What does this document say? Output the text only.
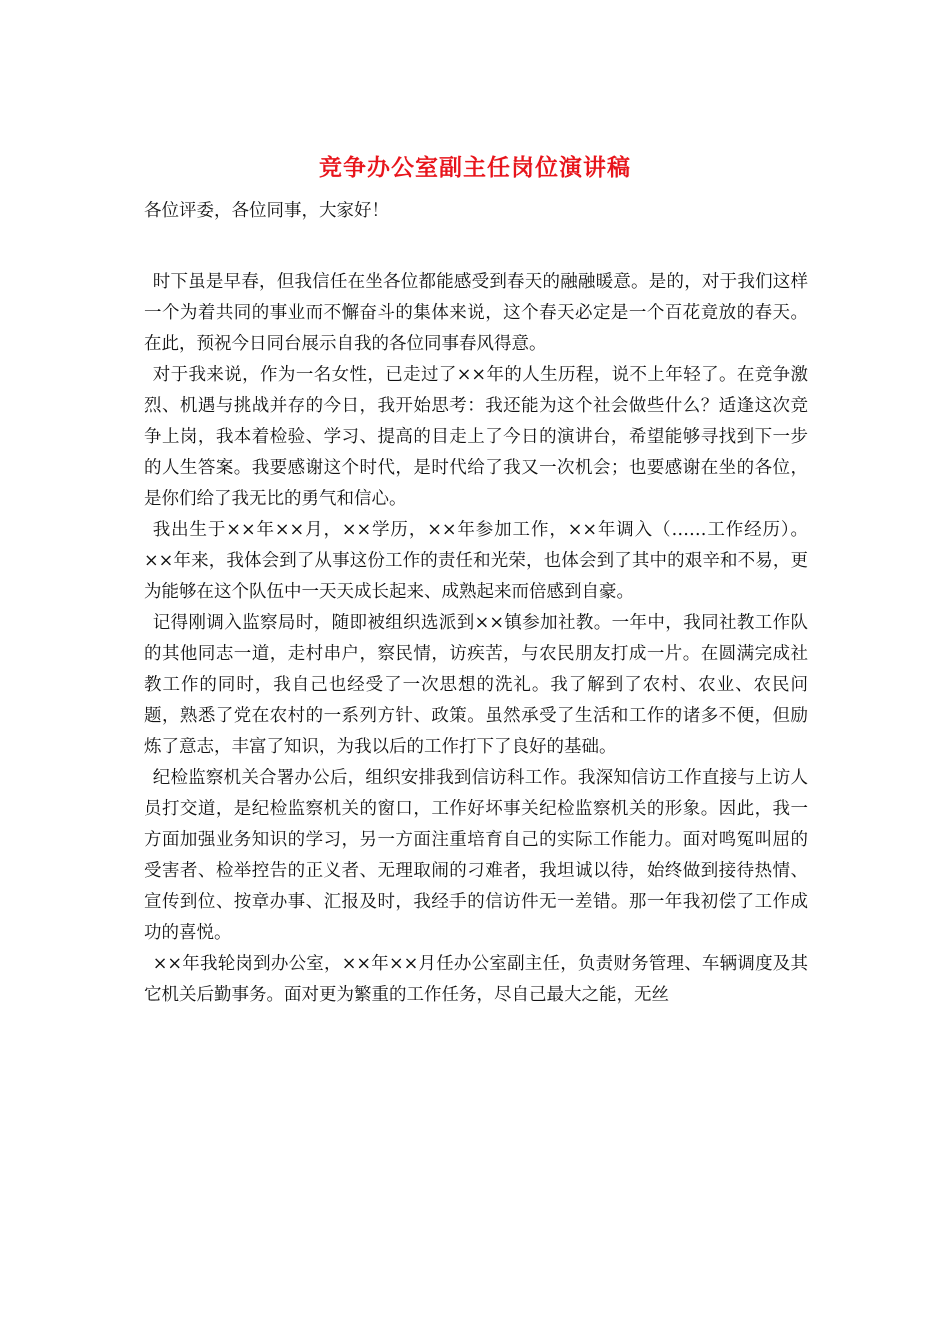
竞争办公室副主任岗位演讲稿

各位评委，各位同事，大家好！

时下虽是早春，但我信任在坐各位都能感受到春天的融融暖意。是的，对于我们这样一个为着共同的事业而不懈奋斗的集体来说，这个春天必定是一个百花竟放的春天。在此，预祝今日同台展示自我的各位同事春风得意。

对于我来说，作为一名女性，已走过了××年的人生历程，说不上年轻了。在竞争激烈、机遇与挑战并存的今日，我开始思考：我还能为这个社会做些什么？适逢这次竞争上岗，我本着检验、学习、提高的目走上了今日的演讲台，希望能够寻找到下一步的人生答案。我要感谢这个时代，是时代给了我又一次机会；也要感谢在坐的各位，是你们给了我无比的勇气和信心。

我出生于××年××月，××学历，××年参加工作，××年调入（……工作经历）。××年来，我体会到了从事这份工作的责任和光荣，也体会到了其中的艰辛和不易，更为能够在这个队伍中一天天成长起来、成熟起来而倍感到自豪。

记得刚调入监察局时，随即被组织选派到××镇参加社教。一年中，我同社教工作队的其他同志一道，走村串户，察民情，访疾苦，与农民朋友打成一片。在圆满完成社教工作的同时，我自己也经受了一次思想的洗礼。我了解到了农村、农业、农民问题，熟悉了党在农村的一系列方针、政策。虽然承受了生活和工作的诸多不便，但励炼了意志，丰富了知识，为我以后的工作打下了良好的基础。

纪检监察机关合署办公后，组织安排我到信访科工作。我深知信访工作直接与上访人员打交道，是纪检监察机关的窗口，工作好坏事关纪检监察机关的形象。因此，我一方面加强业务知识的学习，另一方面注重培育自己的实际工作能力。面对鸣冤叫屈的受害者、检举控告的正义者、无理取闹的刁难者，我坦诚以待，始终做到接待热情、宣传到位、按章办事、汇报及时，我经手的信访件无一差错。那一年我初偿了工作成功的喜悦。

××年我轮岗到办公室，××年××月任办公室副主任，负责财务管理、车辆调度及其它机关后勤事务。面对更为繁重的工作任务，尽自己最大之能，无丝
